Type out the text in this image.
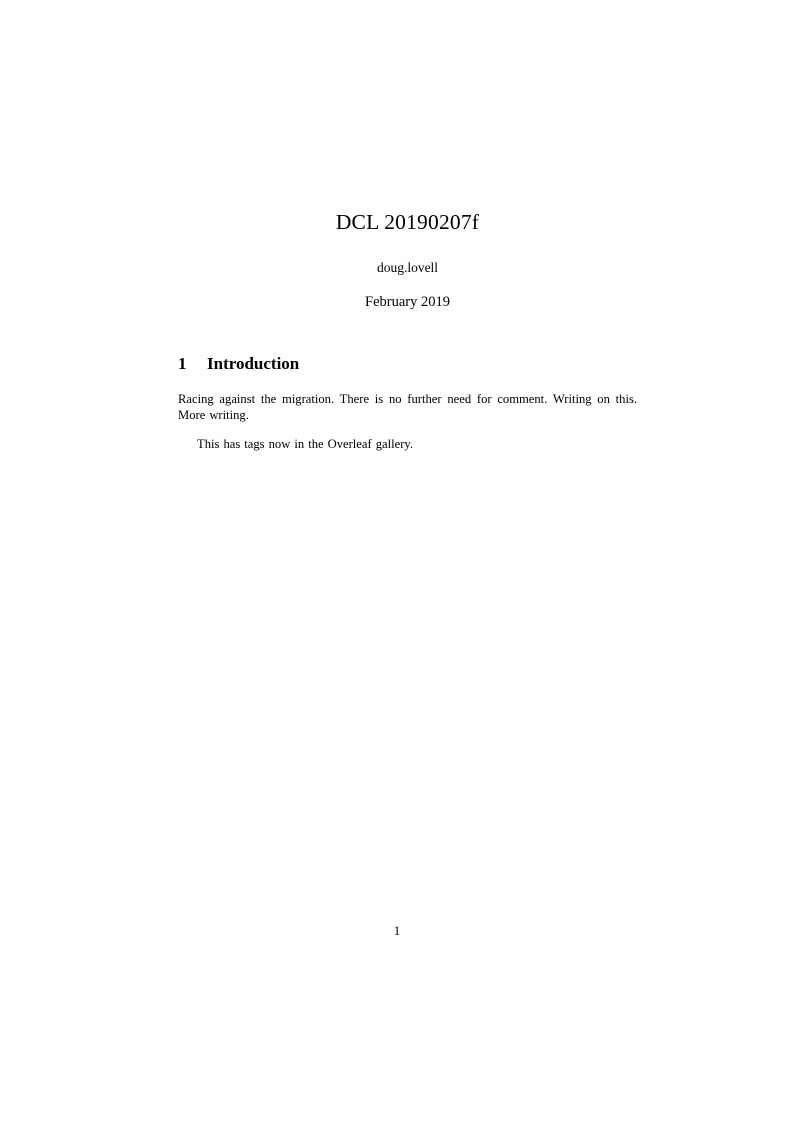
DCL 20190207f
doug.lovell
February 2019
1	Introduction

Racing against the migration. There is no further need for comment. Writing on this. More writing.

This has tags now in the Overleaf gallery.

1
